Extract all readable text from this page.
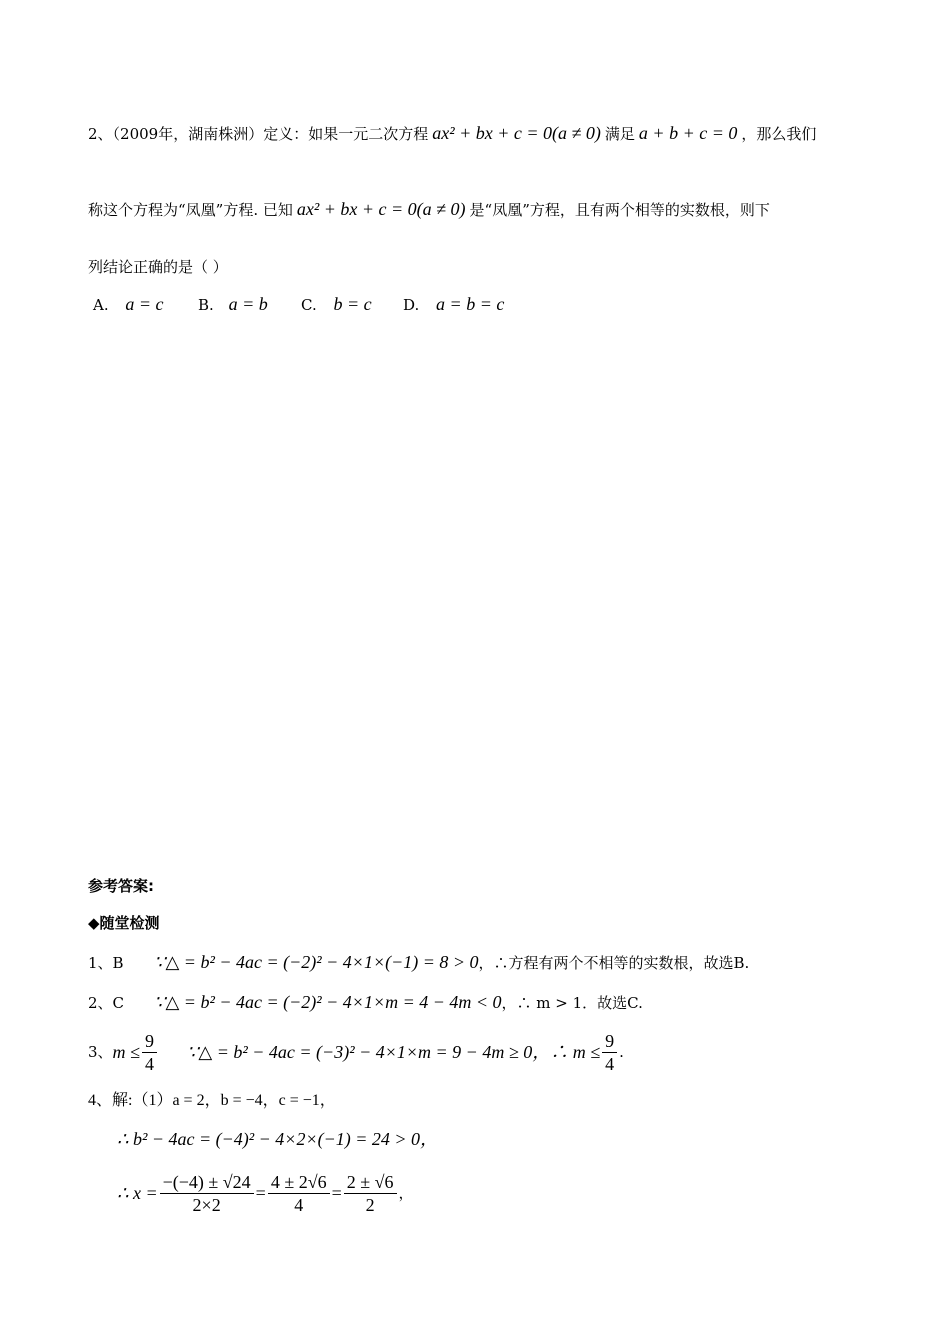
2、（2009年，湖南株洲）定义：如果一元二次方程 ax² + bx + c = 0(a ≠ 0) 满足 a + b + c = 0 ，那么我们
称这个方程为“凤凰”方程. 已知 ax² + bx + c = 0(a ≠ 0) 是“凤凰”方程，且有两个相等的实数根，则下
列结论正确的是（ ）
A. a = c B. a = b C. b = c D. a = b = c
参考答案:
◆随堂检测
1、B ∵△ = b² − 4ac = (−2)² − 4×1×(−1) = 8 > 0，∴方程有两个不相等的实数根，故选B.
2、C ∵△ = b² − 4ac = (−2)² − 4×1×m = 4 − 4m < 0，∴ m > 1．故选C.
3、 $m \le \frac{9}{4}$ ∵△ = b² − 4ac = (−3)² − 4×1×m = 9 − 4m ≥ 0 ，∴ $m \le \frac{9}{4}$ .
4、解:（1）a = 2，b = −4，c = −1，
∴ b² − 4ac = (−4)² − 4×2×(−1) = 24 > 0，
∴ $x = \frac{-(-4) \pm √24}{2\times 2} = \frac{4 \pm 2√6}{4} = \frac{2 \pm √6}{2}$ ，
